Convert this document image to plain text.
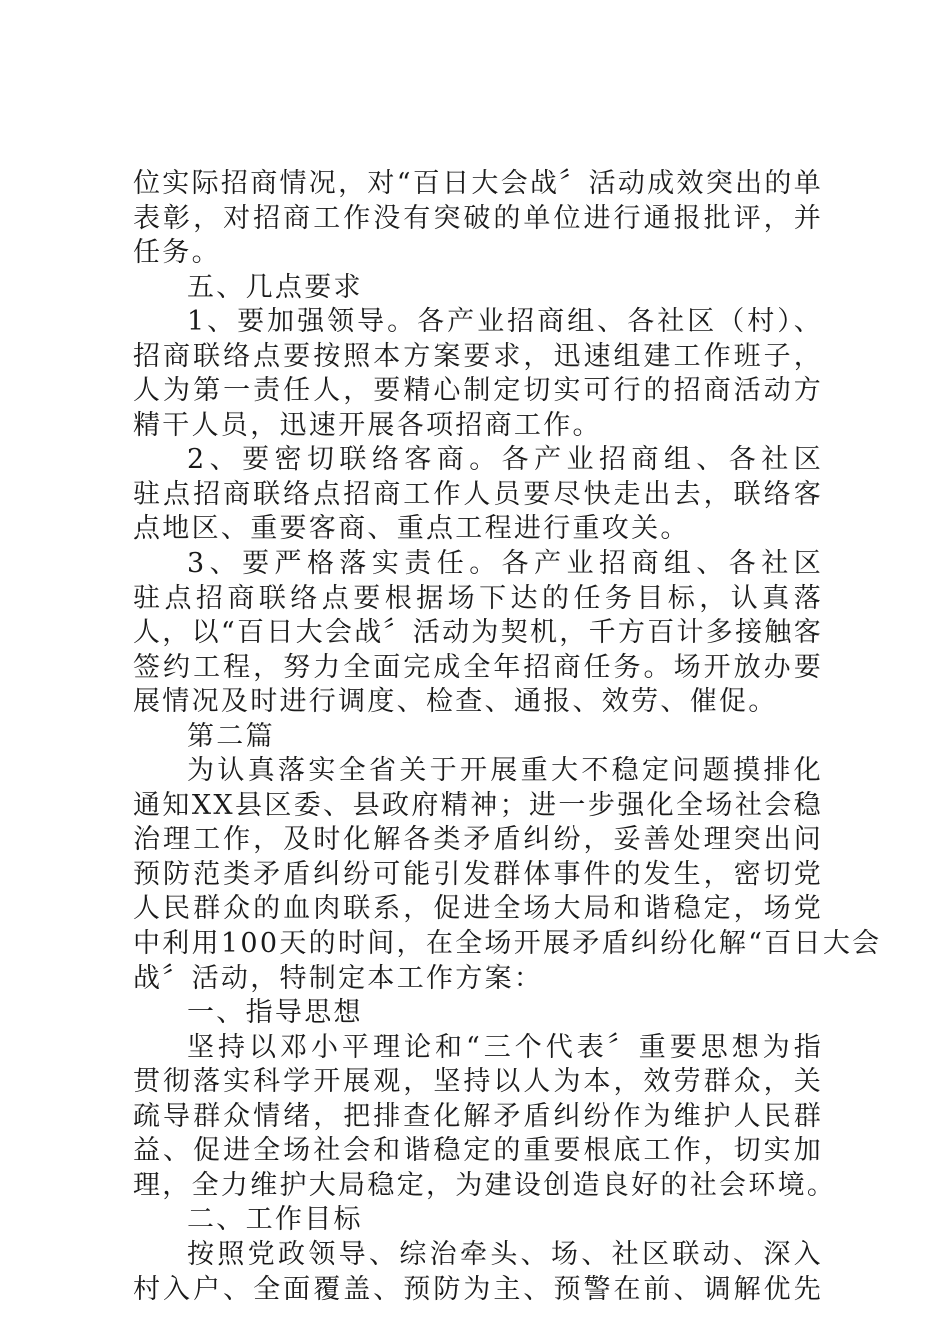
位实际招商情况，对“百日大会战〞活动成效突出的单
表彰，对招商工作没有突破的单位进行通报批评，并
任务。
五、几点要求
1、要加强领导。各产业招商组、各社区（村）、
招商联络点要按照本方案要求，迅速组建工作班子，
人为第一责任人，要精心制定切实可行的招商活动方
精干人员，迅速开展各项招商工作。
2、要密切联络客商。各产业招商组、各社区
驻点招商联络点招商工作人员要尽快走出去，联络客
点地区、重要客商、重点工程进行重攻关。
3、要严格落实责任。各产业招商组、各社区
驻点招商联络点要根据场下达的任务目标，认真落
人，以“百日大会战〞活动为契机，千方百计多接触客
签约工程，努力全面完成全年招商任务。场开放办要
展情况及时进行调度、检查、通报、效劳、催促。
第二篇
为认真落实全省关于开展重大不稳定问题摸排化
通知XX县区委、县政府精神；进一步强化全场社会稳
治理工作，及时化解各类矛盾纠纷，妥善处理突出问
预防范类矛盾纠纷可能引发群体事件的发生，密切党
人民群众的血肉联系，促进全场大局和谐稳定，场党
中利用100天的时间，在全场开展矛盾纠纷化解“百日大会
战〞活动，特制定本工作方案：
一、指导思想
坚持以邓小平理论和“三个代表〞重要思想为指
贯彻落实科学开展观，坚持以人为本，效劳群众，关
疏导群众情绪，把排查化解矛盾纠纷作为维护人民群
益、促进全场社会和谐稳定的重要根底工作，切实加
理，全力维护大局稳定，为建设创造良好的社会环境。
二、工作目标
按照党政领导、综治牵头、场、社区联动、深入
村入户、全面覆盖、预防为主、预警在前、调解优先
